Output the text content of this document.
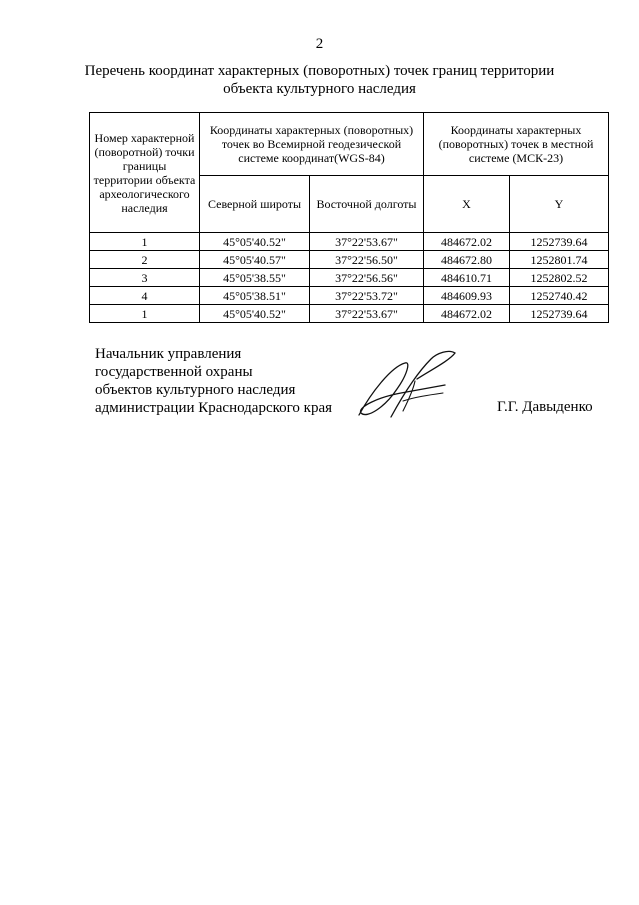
2
Перечень координат характерных (поворотных) точек границ территории
объекта культурного наследия
Номер характерной (поворотной) точки границы территории объекта археологического наследия	Координаты характерных (поворотных) точек во Всемирной геодезической системе координат(WGS-84)		Координаты характерных (поворотных) точек в местной системе (МСК-23)	
	Северной широты	Восточной долготы	X	Y
1	45°05'40.52"	37°22'53.67"	484672.02	1252739.64
2	45°05'40.57"	37°22'56.50"	484672.80	1252801.74
3	45°05'38.55"	37°22'56.56"	484610.71	1252802.52
4	45°05'38.51"	37°22'53.72"	484609.93	1252740.42
1	45°05'40.52"	37°22'53.67"	484672.02	1252739.64
Начальник управления
государственной охраны
объектов культурного наследия
администрации Краснодарского края	Г.Г. Давыденко
